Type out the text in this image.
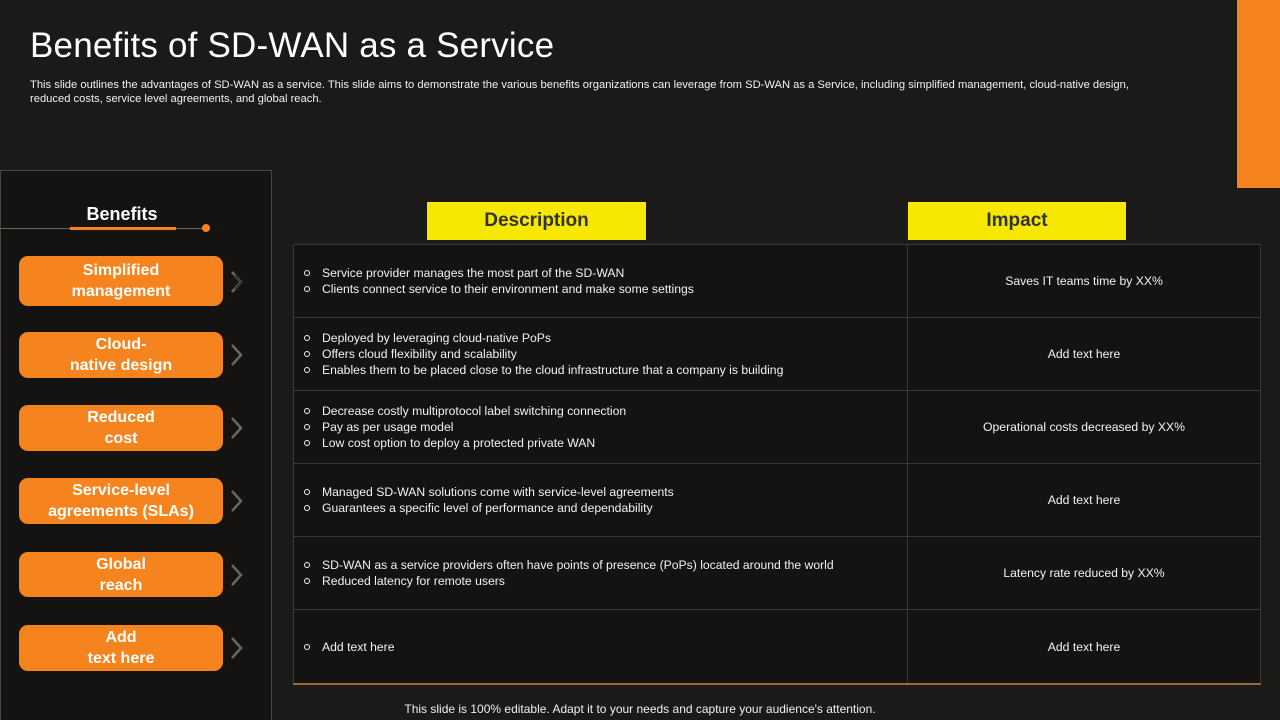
Benefits of SD-WAN as a Service

This slide outlines the advantages of SD-WAN as a service. This slide aims to demonstrate the various benefits organizations can leverage from SD-WAN as a Service, including simplified management, cloud-native design, reduced costs, service level agreements, and global reach.

Benefits
Simplified
management
Cloud-
native design
Reduced
cost
Service-level
agreements (SLAs)
Global
reach
Add
text here
Description	Impact
Service provider manages the most part of the SD-WAN
Clients connect service to their environment and make some settings
Saves IT teams time by XX%
Deployed by leveraging cloud-native PoPs
Offers cloud flexibility and scalability
Enables them to be placed close to the cloud infrastructure that a company is building
Add text here
Decrease costly multiprotocol label switching connection
Pay as per usage model
Low cost option to deploy a protected private WAN
Operational costs decreased by XX%
Managed SD-WAN solutions come with service-level agreements
Guarantees a specific level of performance and dependability
Add text here
SD-WAN as a service providers often have points of presence (PoPs) located around the world
Reduced latency for remote users
Latency rate reduced by XX%
Add text here	Add text here
This slide is 100% editable. Adapt it to your needs and capture your audience's attention.
